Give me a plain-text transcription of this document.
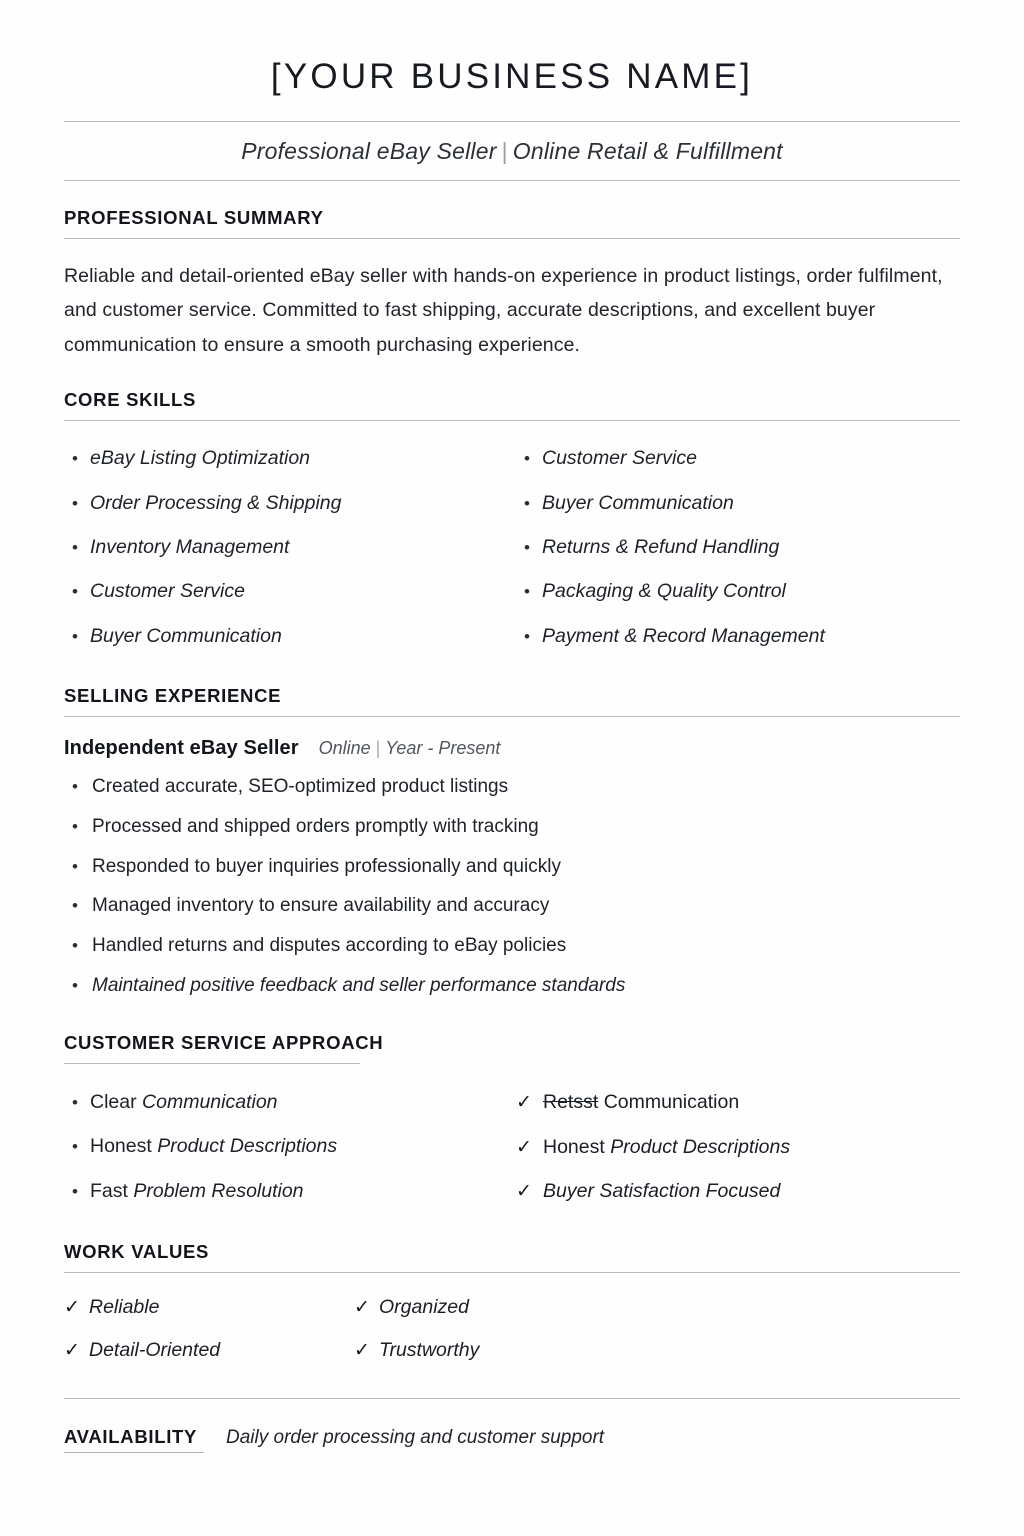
[YOUR BUSINESS NAME]
Professional eBay Seller | Online Retail & Fulfillment
PROFESSIONAL SUMMARY
Reliable and detail-oriented eBay seller with hands-on experience in product listings, order fulfilment, and customer service. Committed to fast shipping, accurate descriptions, and excellent buyer communication to ensure a smooth purchasing experience.
CORE SKILLS
•
eBay Listing Optimization
•
Order Processing & Shipping
•
Inventory Management
•
Customer Service
•
Buyer Communication
•
Customer Service
•
Buyer Communication
•
Returns & Refund Handling
•
Packaging & Quality Control
•
Payment & Record Management
SELLING EXPERIENCE
Independent eBay Seller	Online | Year - Present
•
Created accurate, SEO-optimized product listings
•
Processed and shipped orders promptly with tracking
•
Responded to buyer inquiries professionally and quickly
•
Managed inventory to ensure availability and accuracy
•
Handled returns and disputes according to eBay policies
•
Maintained positive feedback and seller performance standards
CUSTOMER SERVICE APPROACH
•
Clear
Communication
•
Honest
Product Descriptions
•
Fast
Problem Resolution
✓
Retsst
Communication
✓
Honest
Product Descriptions
✓
Buyer Satisfaction Focused
WORK VALUES
✓
Reliable
✓
Detail-Oriented
✓
Organized
✓
Trustworthy
AVAILABILITY	Daily order processing and customer support
